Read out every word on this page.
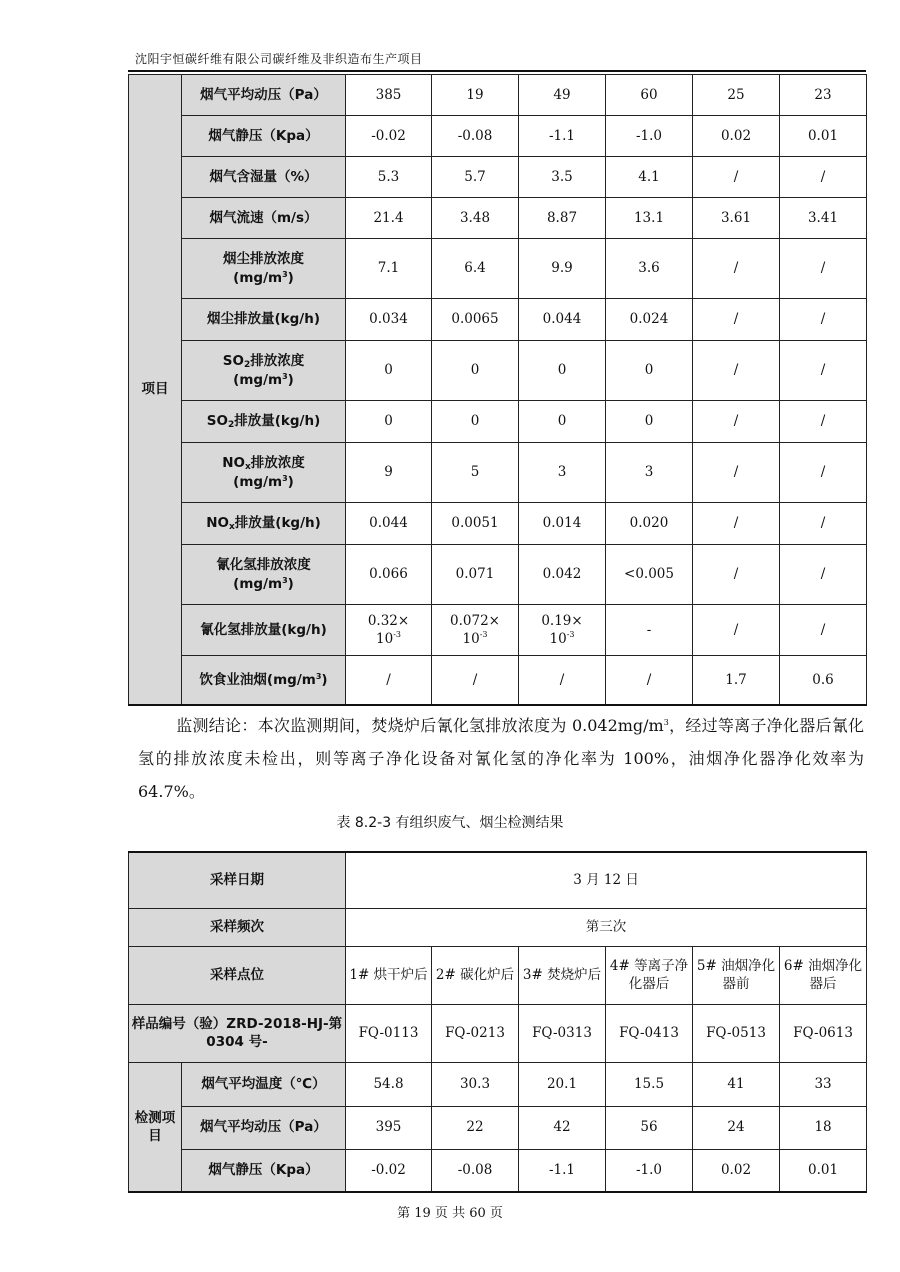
沈阳宇恒碳纤维有限公司碳纤维及非织造布生产项目
项目	烟气平均动压（Pa）	385	19	49	60	25	23
	烟气静压（Kpa）	-0.02	-0.08	-1.1	-1.0	0.02	0.01
	烟气含湿量（%）	5.3	5.7	3.5	4.1	/	/
	烟气流速（m/s）	21.4	3.48	8.87	13.1	3.61	3.41
	烟尘排放浓度
$(mg/m^3)$	7.1	6.4	9.9	3.6	/	/
	烟尘排放量(kg/h)	0.034	0.0065	0.044	0.024	/	/
	$SO_2$排放浓度
$(mg/m^3)$	0	0	0	0	/	/
	$SO_2$排放量(kg/h)	0	0	0	0	/	/
	$NO_x$排放浓度
$(mg/m^3)$	9	5	3	3	/	/
	$NO_x$排放量(kg/h)	0.044	0.0051	0.014	0.020	/	/
	氰化氢排放浓度
$(mg/m^3)$	0.066	0.071	0.042	<0.005	/	/
	氰化氢排放量(kg/h)	0.32×
$10^{-3}$	0.072×
$10^{-3}$	0.19×
$10^{-3}$	-	/	/
	饮食业油烟$(mg/m^3)$	/	/	/	/	1.7	0.6
监测结论：本次监测期间，焚烧炉后氰化氢排放浓度为 $0.042mg/m^3$，经过等离子净化器后氰化氢的排放浓度未检出，则等离子净化设备对氰化氢的净化率为 100%，油烟净化器净化效率为 64.7%。
表 8.2-3 有组织废气、烟尘检测结果
采样日期		3 月 12 日					
采样频次		第三次					
采样点位		1# 烘干炉后	2# 碳化炉后	3# 焚烧炉后	4# 等离子净化器后	5# 油烟净化器前	6# 油烟净化器后
样品编号（验）ZRD-2018-HJ-第 0304 号-		FQ-0113	FQ-0213	FQ-0313	FQ-0413	FQ-0513	FQ-0613
检测项目	烟气平均温度（℃）	54.8	30.3	20.1	15.5	41	33
	烟气平均动压（Pa）	395	22	42	56	24	18
	烟气静压（Kpa）	-0.02	-0.08	-1.1	-1.0	0.02	0.01
第 19 页 共 60 页
